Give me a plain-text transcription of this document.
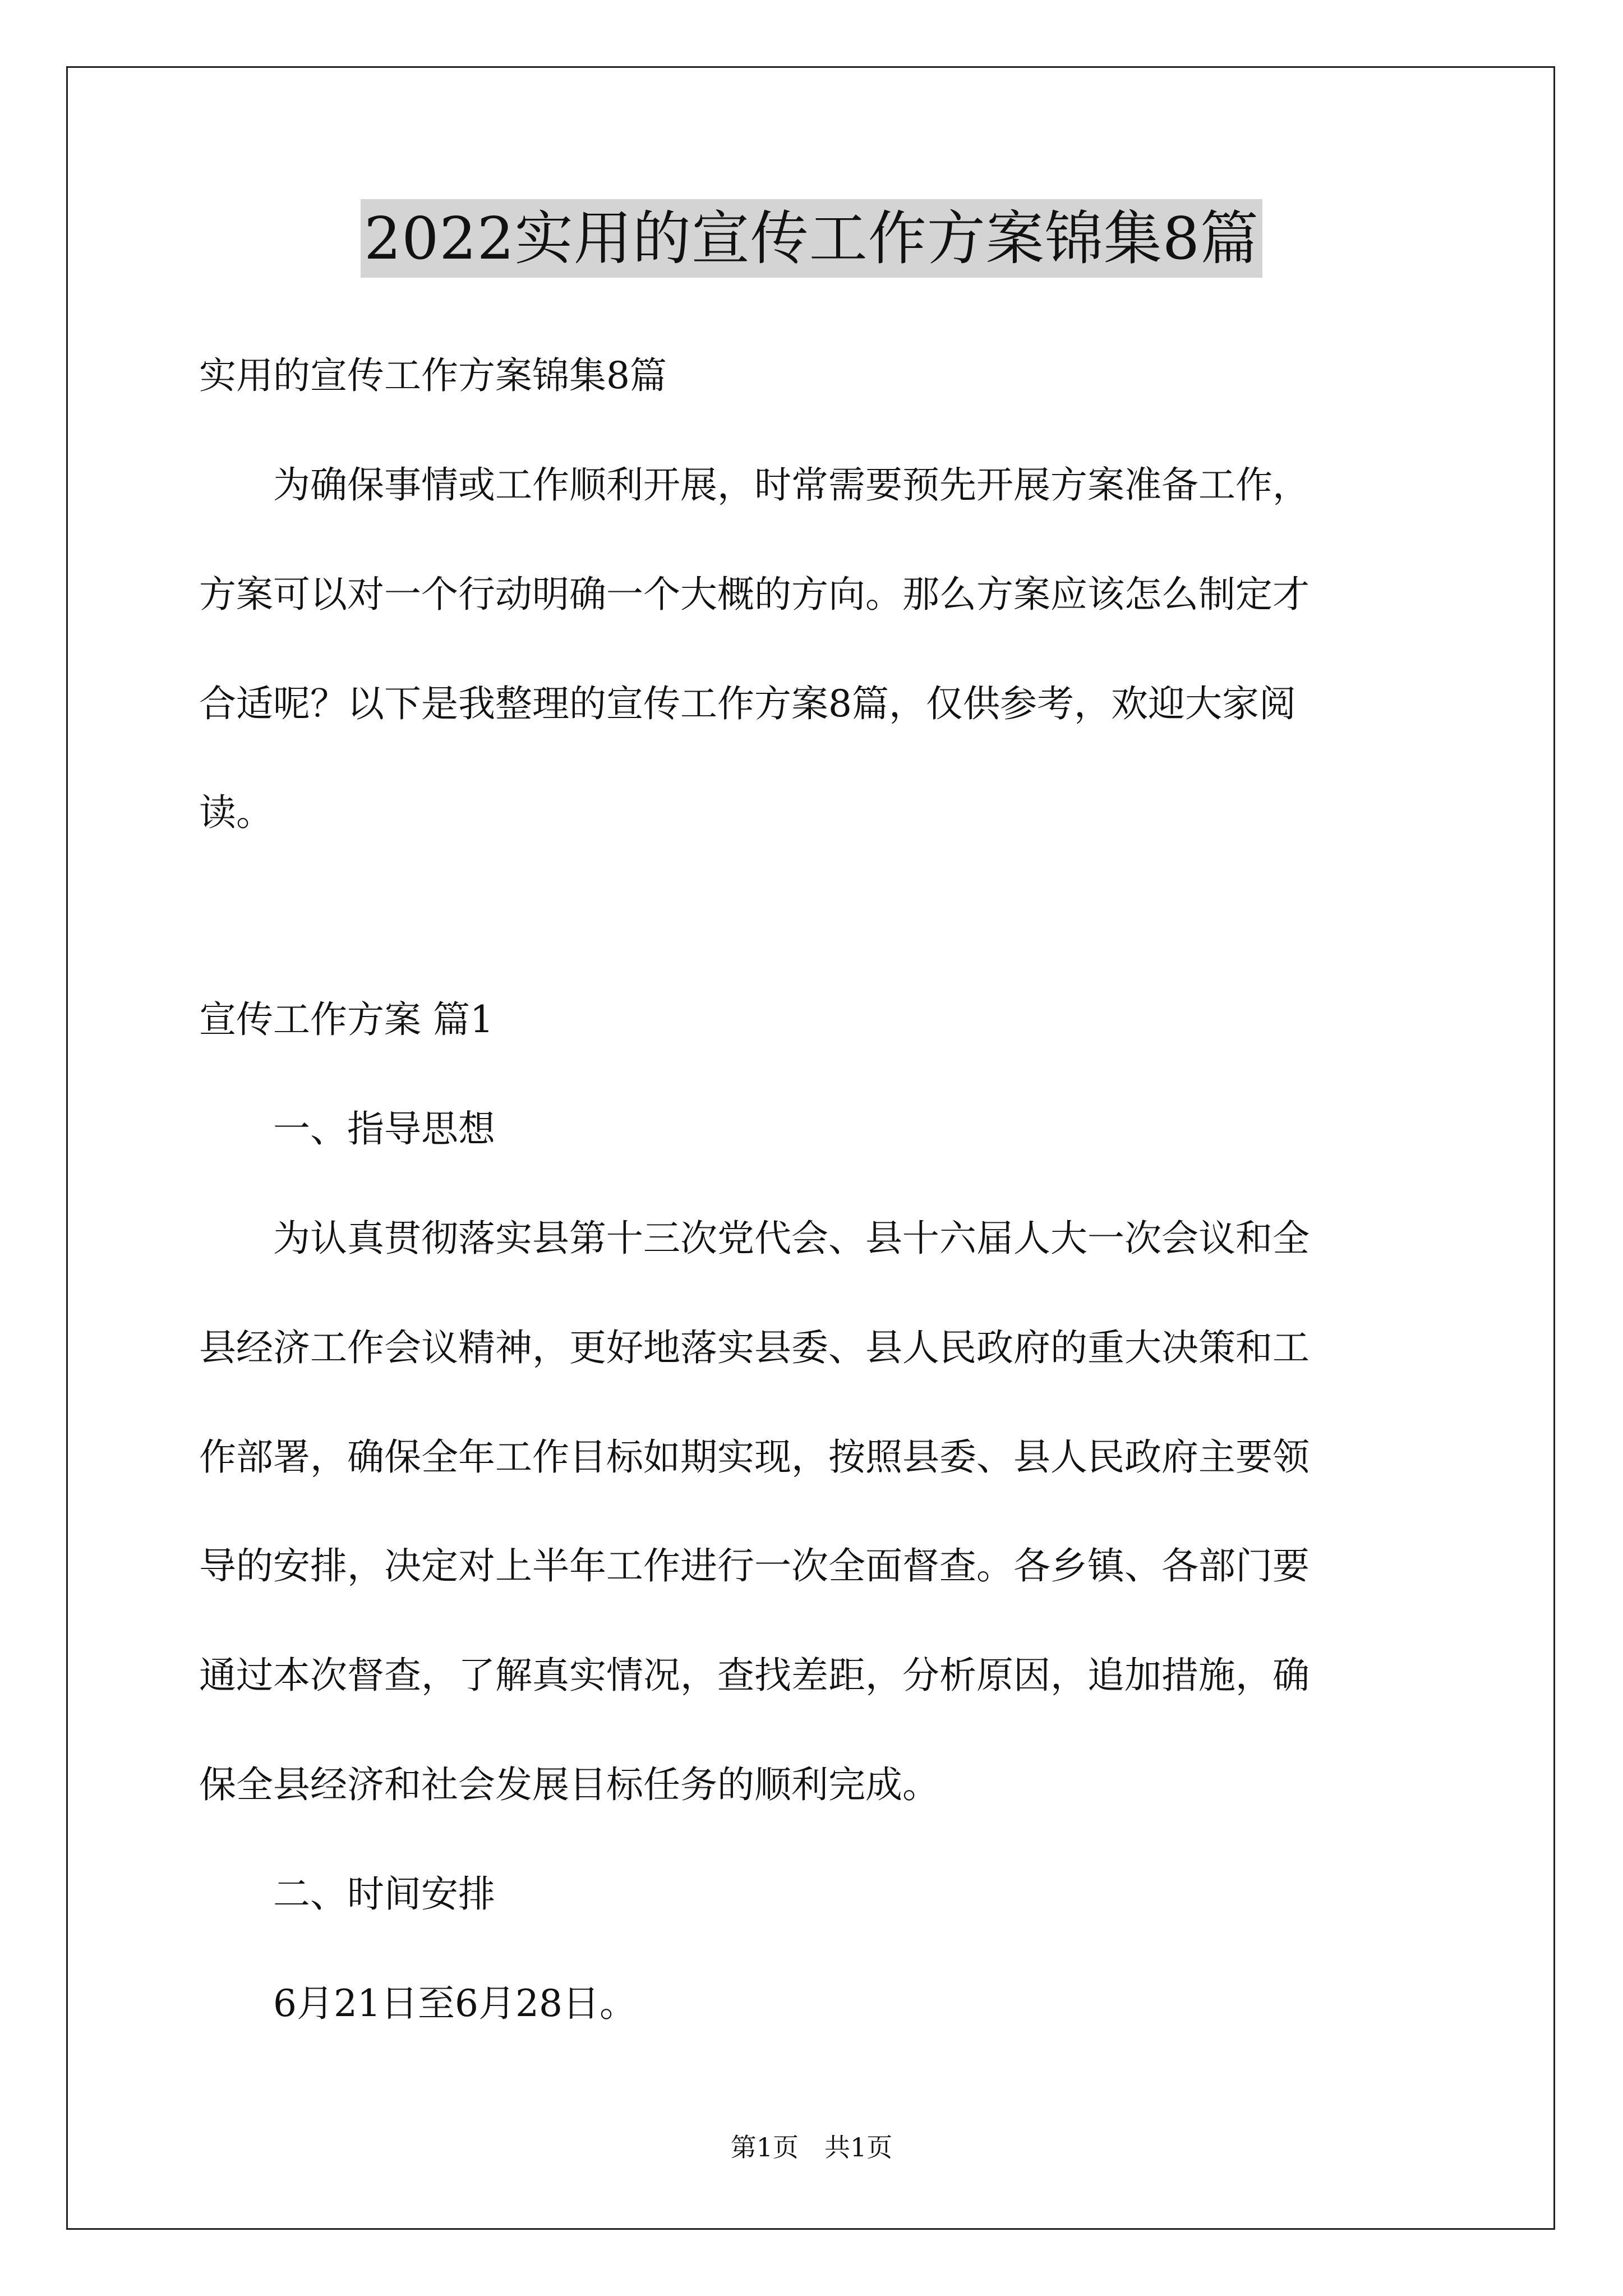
2022实用的宣传工作方案锦集8篇
实用的宣传工作方案锦集8篇
　　为确保事情或工作顺利开展，时常需要预先开展方案准备工作，
方案可以对一个行动明确一个大概的方向。那么方案应该怎么制定才
合适呢？以下是我整理的宣传工作方案8篇，仅供参考，欢迎大家阅
读。
宣传工作方案 篇1
　　一、指导思想
　　为认真贯彻落实县第十三次党代会、县十六届人大一次会议和全
县经济工作会议精神，更好地落实县委、县人民政府的重大决策和工
作部署，确保全年工作目标如期实现，按照县委、县人民政府主要领
导的安排，决定对上半年工作进行一次全面督查。各乡镇、各部门要
通过本次督查，了解真实情况，查找差距，分析原因，追加措施，确
保全县经济和社会发展目标任务的顺利完成。
　　二、时间安排
　　6月21日至6月28日。
第1页　共1页
